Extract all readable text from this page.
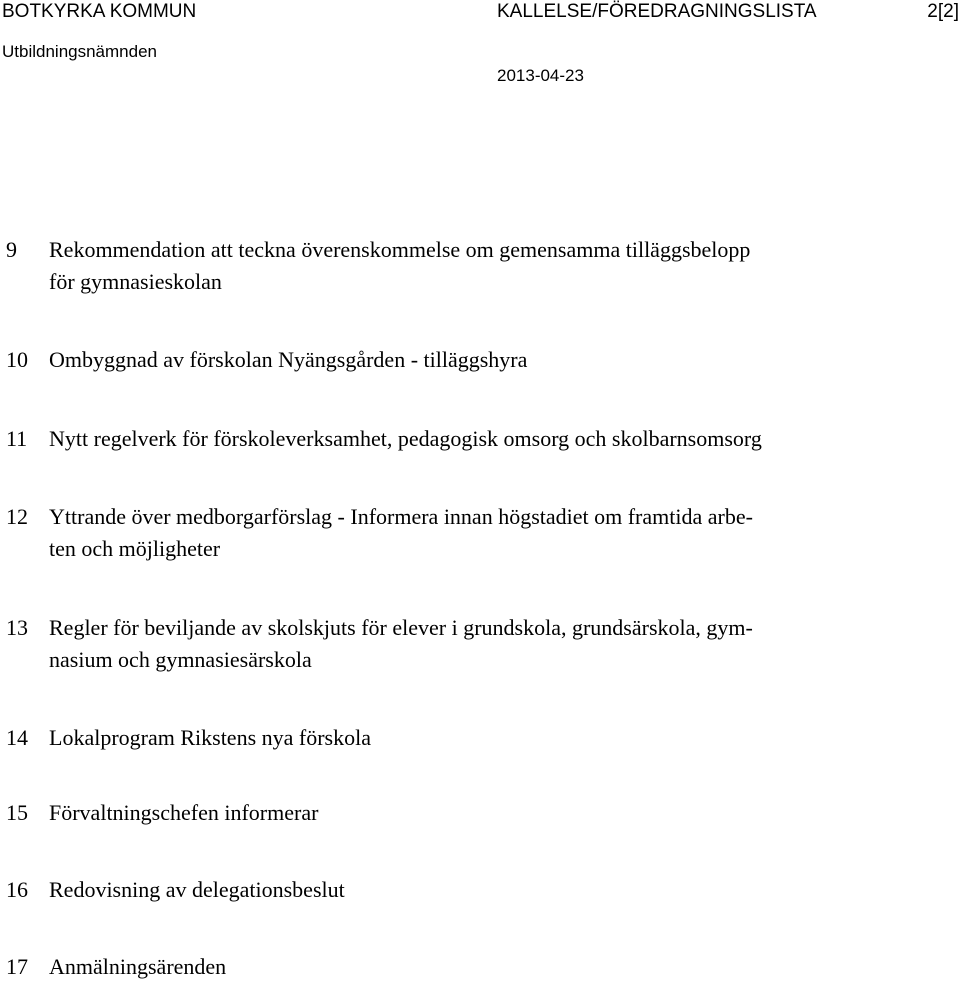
BOTKYRKA KOMMUN	KALLELSE/FÖREDRAGNINGSLISTA	2[2]
Utbildningsnämnden
2013-04-23
9 Rekommendation att teckna överenskommelse om gemensamma tilläggsbelopp
för gymnasieskolan
10 Ombyggnad av förskolan Nyängsgården - tilläggshyra
11 Nytt regelverk för förskoleverksamhet, pedagogisk omsorg och skolbarnsomsorg
12 Yttrande över medborgarförslag - Informera innan högstadiet om framtida arbe-
ten och möjligheter
13 Regler för beviljande av skolskjuts för elever i grundskola, grundsärskola, gym-
nasium och gymnasiesärskola
14 Lokalprogram Rikstens nya förskola
15 Förvaltningschefen informerar
16 Redovisning av delegationsbeslut
17 Anmälningsärenden
